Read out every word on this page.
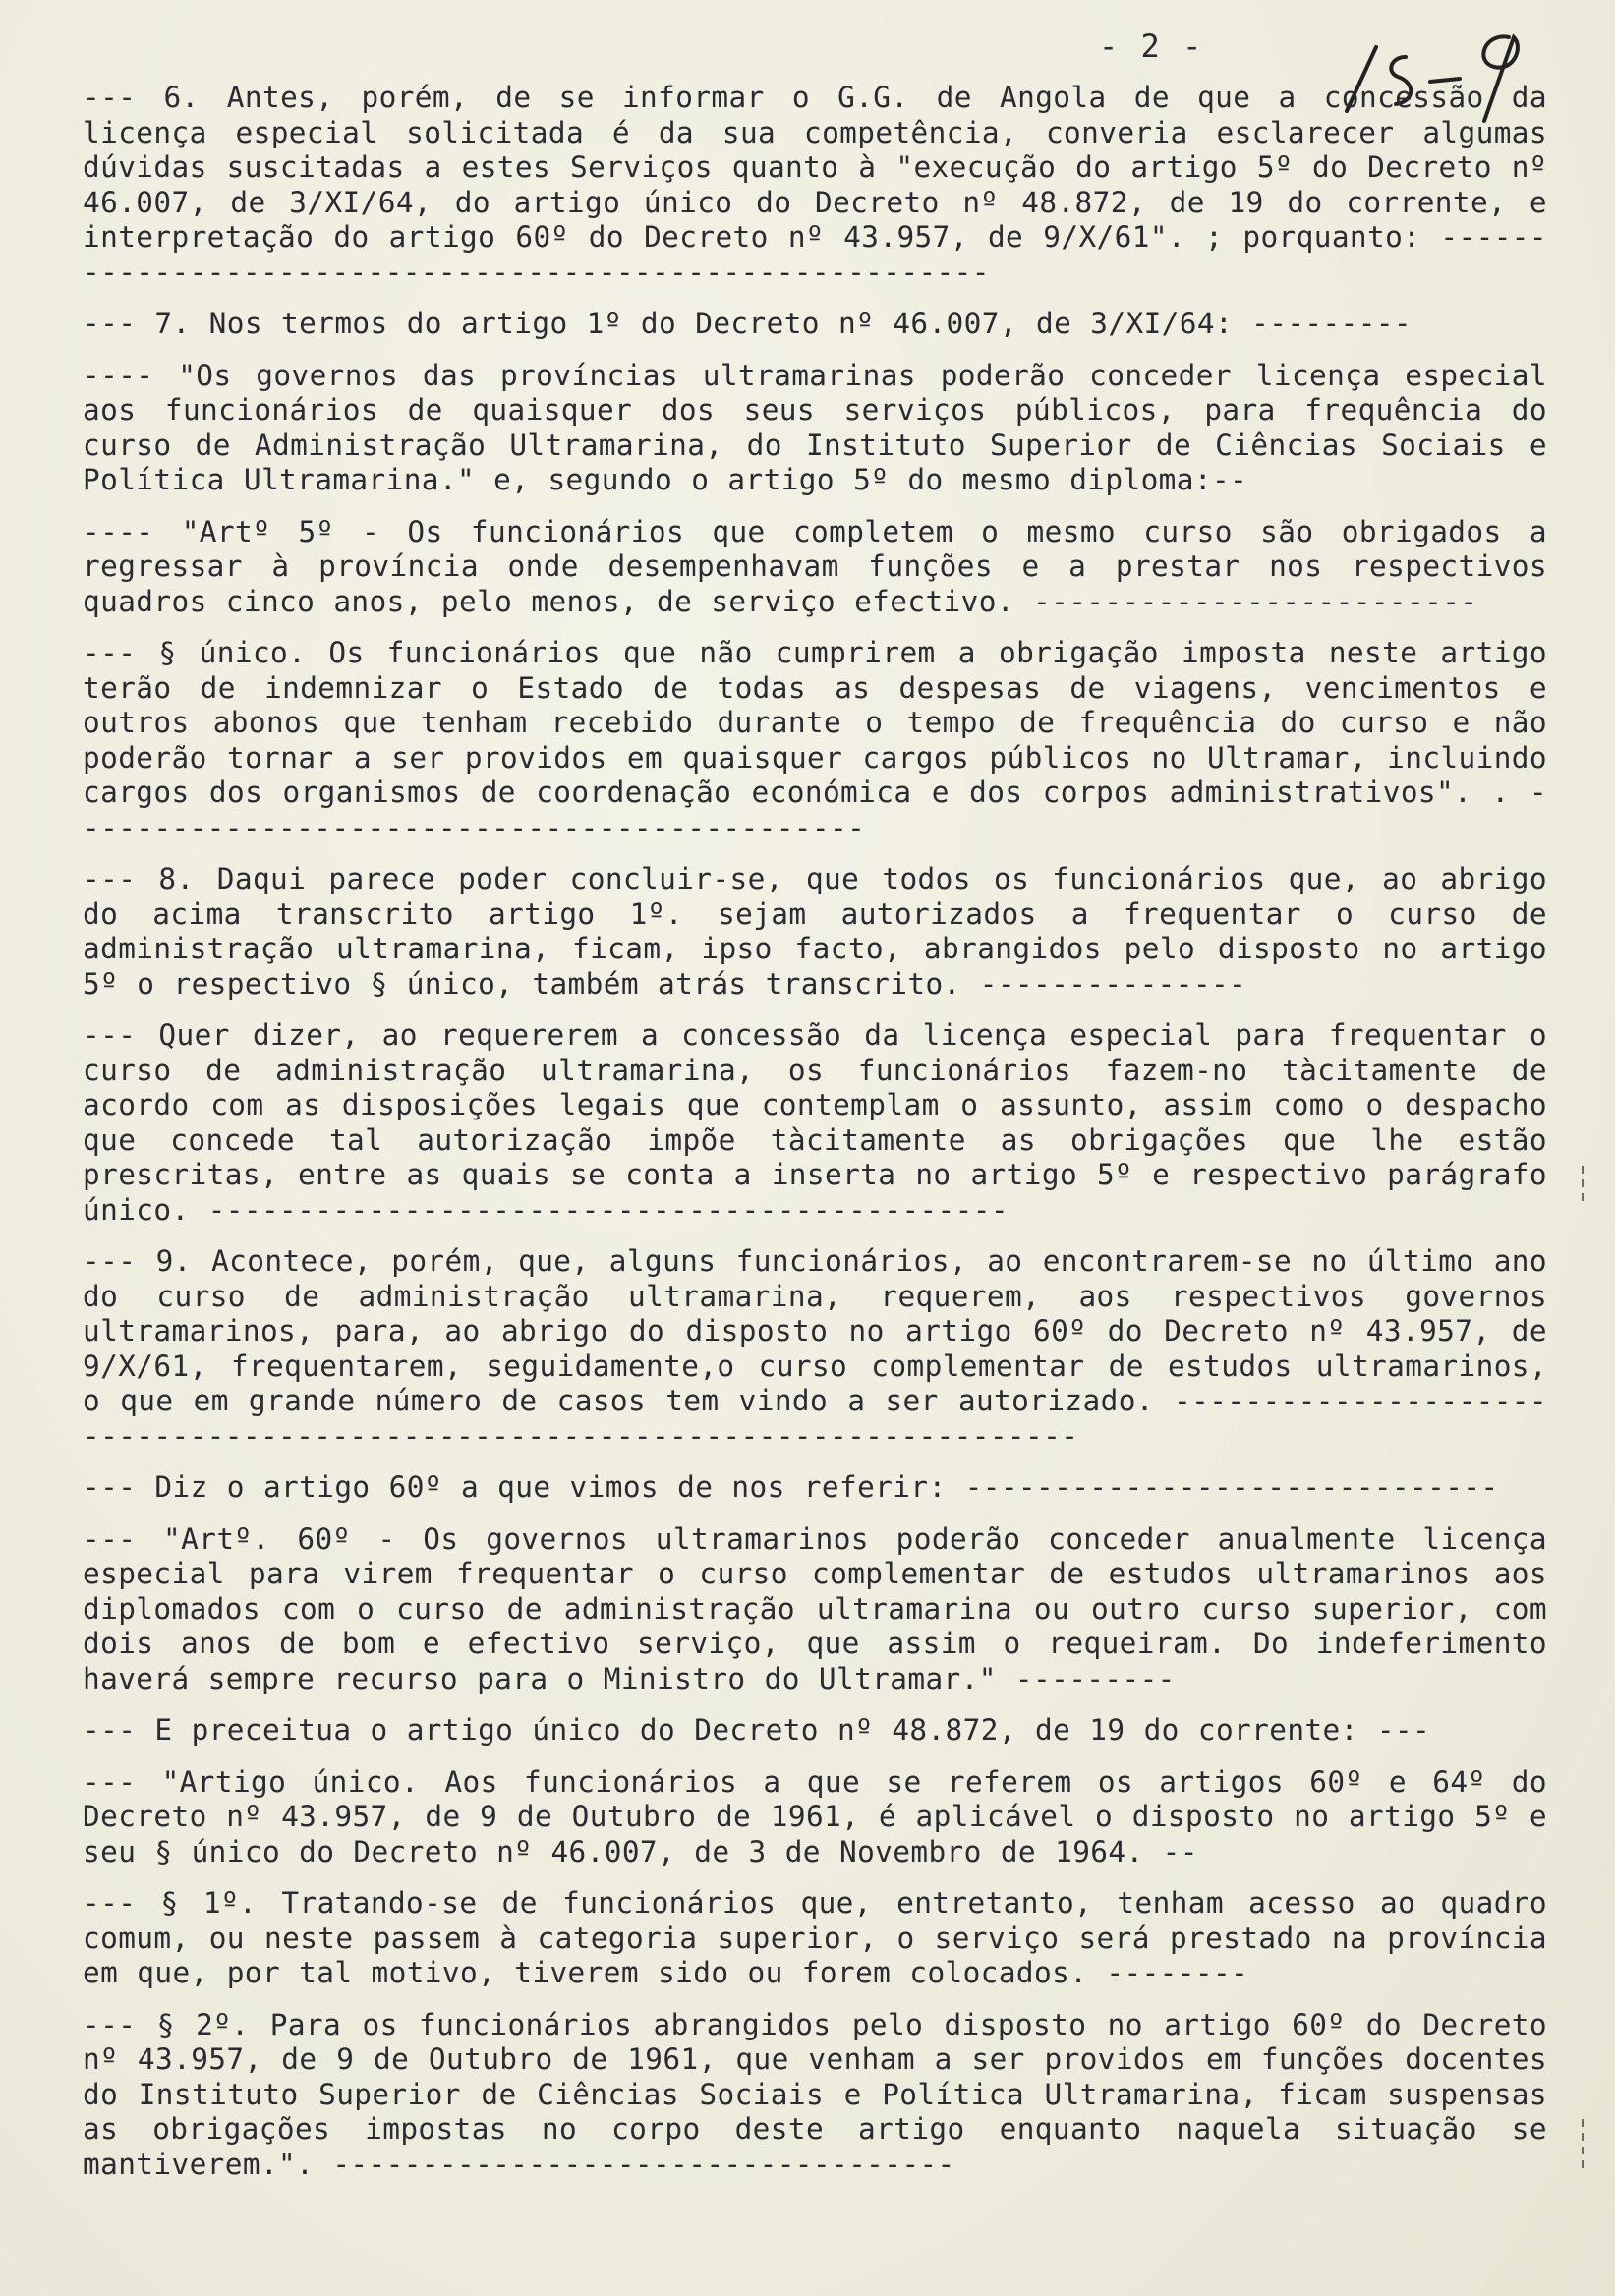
- 2 -

--- 6. Antes, porém, de se informar o G.G. de Angola de que a concessão da licença especial solicitada é da sua competência, converia esclarecer algumas dúvidas suscitadas a estes Serviços quanto à "execução do artigo 5º do Decreto nº 46.007, de 3/XI/64, do artigo único do Decreto nº 48.872, de 19 do corrente, e interpretação do artigo 60º do Decreto nº 43.957, de 9/X/61". ; porquanto: ---------------------------------------------------------

--- 7. Nos termos do artigo 1º do Decreto nº 46.007, de 3/XI/64: ---------

---- "Os governos das províncias ultramarinas poderão conceder licença especial aos funcionários de quaisquer dos seus serviços públicos, para frequência do curso de Administração Ultramarina, do Instituto Superior de Ciências Sociais e Política Ultramarina." e, segundo o artigo 5º do mesmo diploma:--

---- "Artº 5º - Os funcionários que completem o mesmo curso são obrigados a regressar à província onde desempenhavam funções e a prestar nos respectivos quadros cinco anos, pelo menos, de serviço efectivo. -------------------------

--- § único. Os funcionários que não cumprirem a obrigação imposta neste artigo terão de indemnizar o Estado de todas as despesas de viagens, vencimentos e outros abonos que tenham recebido durante o tempo de frequência do curso e não poderão tornar a ser providos em quaisquer cargos públicos no Ultramar, incluindo cargos dos organismos de coordenação económica e dos corpos administrativos". . ---------------------------------------------

--- 8. Daqui parece poder concluir-se, que todos os funcionários que, ao abrigo do acima transcrito artigo 1º. sejam autorizados a frequentar o curso de administração ultramarina, ficam, ipso facto, abrangidos pelo disposto no artigo 5º o respectivo § único, também atrás transcrito. ---------------

--- Quer dizer, ao requererem a concessão da licença especial para frequentar o curso de administração ultramarina, os funcionários fazem-no tàcitamente de acordo com as disposições legais que contemplam o assunto, assim como o despacho que concede tal autorização impõe tàcitamente as obrigações que lhe estão prescritas, entre as quais se conta a inserta no artigo 5º e respectivo parágrafo único. ---------------------------------------------

--- 9. Acontece, porém, que, alguns funcionários, ao encontrarem-se no último ano do curso de administração ultramarina, requerem, aos respectivos governos ultramarinos, para, ao abrigo do disposto no artigo 60º do Decreto nº 43.957, de 9/X/61, frequentarem, seguidamente,o curso complementar de estudos ultramarinos, o que em grande número de casos tem vindo a ser autorizado. -----------------------------------------------------------------------------

--- Diz o artigo 60º a que vimos de nos referir: ------------------------------

--- "Artº. 60º - Os governos ultramarinos poderão conceder anualmente licença especial para virem frequentar o curso complementar de estudos ultramarinos aos diplomados com o curso de administração ultramarina ou outro curso superior, com dois anos de bom e efectivo serviço, que assim o requeiram. Do indeferimento haverá sempre recurso para o Ministro do Ultramar." ---------

--- E preceitua o artigo único do Decreto nº 48.872, de 19 do corrente: ---

--- "Artigo único. Aos funcionários a que se referem os artigos 60º e 64º do Decreto nº 43.957, de 9 de Outubro de 1961, é aplicável o disposto no artigo 5º e seu § único do Decreto nº 46.007, de 3 de Novembro de 1964. --

--- § 1º. Tratando-se de funcionários que, entretanto, tenham acesso ao quadro comum, ou neste passem à categoria superior, o serviço será prestado na província em que, por tal motivo, tiverem sido ou forem colocados. --------

--- § 2º. Para os funcionários abrangidos pelo disposto no artigo 60º do Decreto nº 43.957, de 9 de Outubro de 1961, que venham a ser providos em funções docentes do Instituto Superior de Ciências Sociais e Política Ultramarina, ficam suspensas as obrigações impostas no corpo deste artigo enquanto naquela situação se mantiverem.". -----------------------------------
